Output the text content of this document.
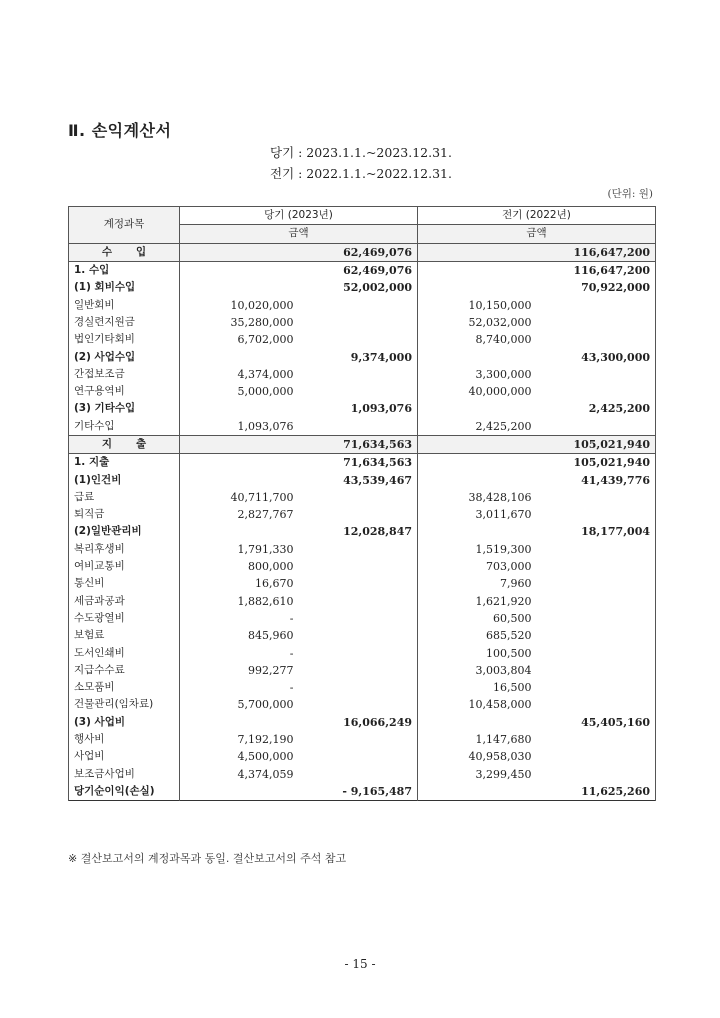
Ⅱ. 손익계산서
당기 : 2023.1.1.~2023.12.31.
전기 : 2022.1.1.~2022.12.31.
(단위: 원)
계정과목	당기 (2023년)		전기 (2022년)	
	금액		금액	
수입		62,469,076		116,647,200
1. 수입		62,469,076		116,647,200
(1) 회비수입		52,002,000		70,922,000
일반회비	10,020,000		10,150,000	
경실련지원금	35,280,000		52,032,000	
법인기타회비	6,702,000		8,740,000	
(2) 사업수입		9,374,000		43,300,000
간접보조금	4,374,000		3,300,000	
연구용역비	5,000,000		40,000,000	
(3) 기타수입		1,093,076		2,425,200
기타수입	1,093,076		2,425,200	
지출		71,634,563		105,021,940
1. 지출		71,634,563		105,021,940
(1)인건비		43,539,467		41,439,776
급료	40,711,700		38,428,106	
퇴직금	2,827,767		3,011,670	
(2)일반관리비		12,028,847		18,177,004
복리후생비	1,791,330		1,519,300	
여비교통비	800,000		703,000	
통신비	16,670		7,960	
세금과공과	1,882,610		1,621,920	
수도광열비	-		60,500	
보험료	845,960		685,520	
도서인쇄비	-		100,500	
지급수수료	992,277		3,003,804	
소모품비	-		16,500	
건물관리(임차료)	5,700,000		10,458,000	
(3) 사업비		16,066,249		45,405,160
행사비	7,192,190		1,147,680	
사업비	4,500,000		40,958,030	
보조금사업비	4,374,059		3,299,450	
당기순이익(손실)		- 9,165,487		11,625,260
※ 결산보고서의 계정과목과 동일. 결산보고서의 주석 참고
- 15 -
